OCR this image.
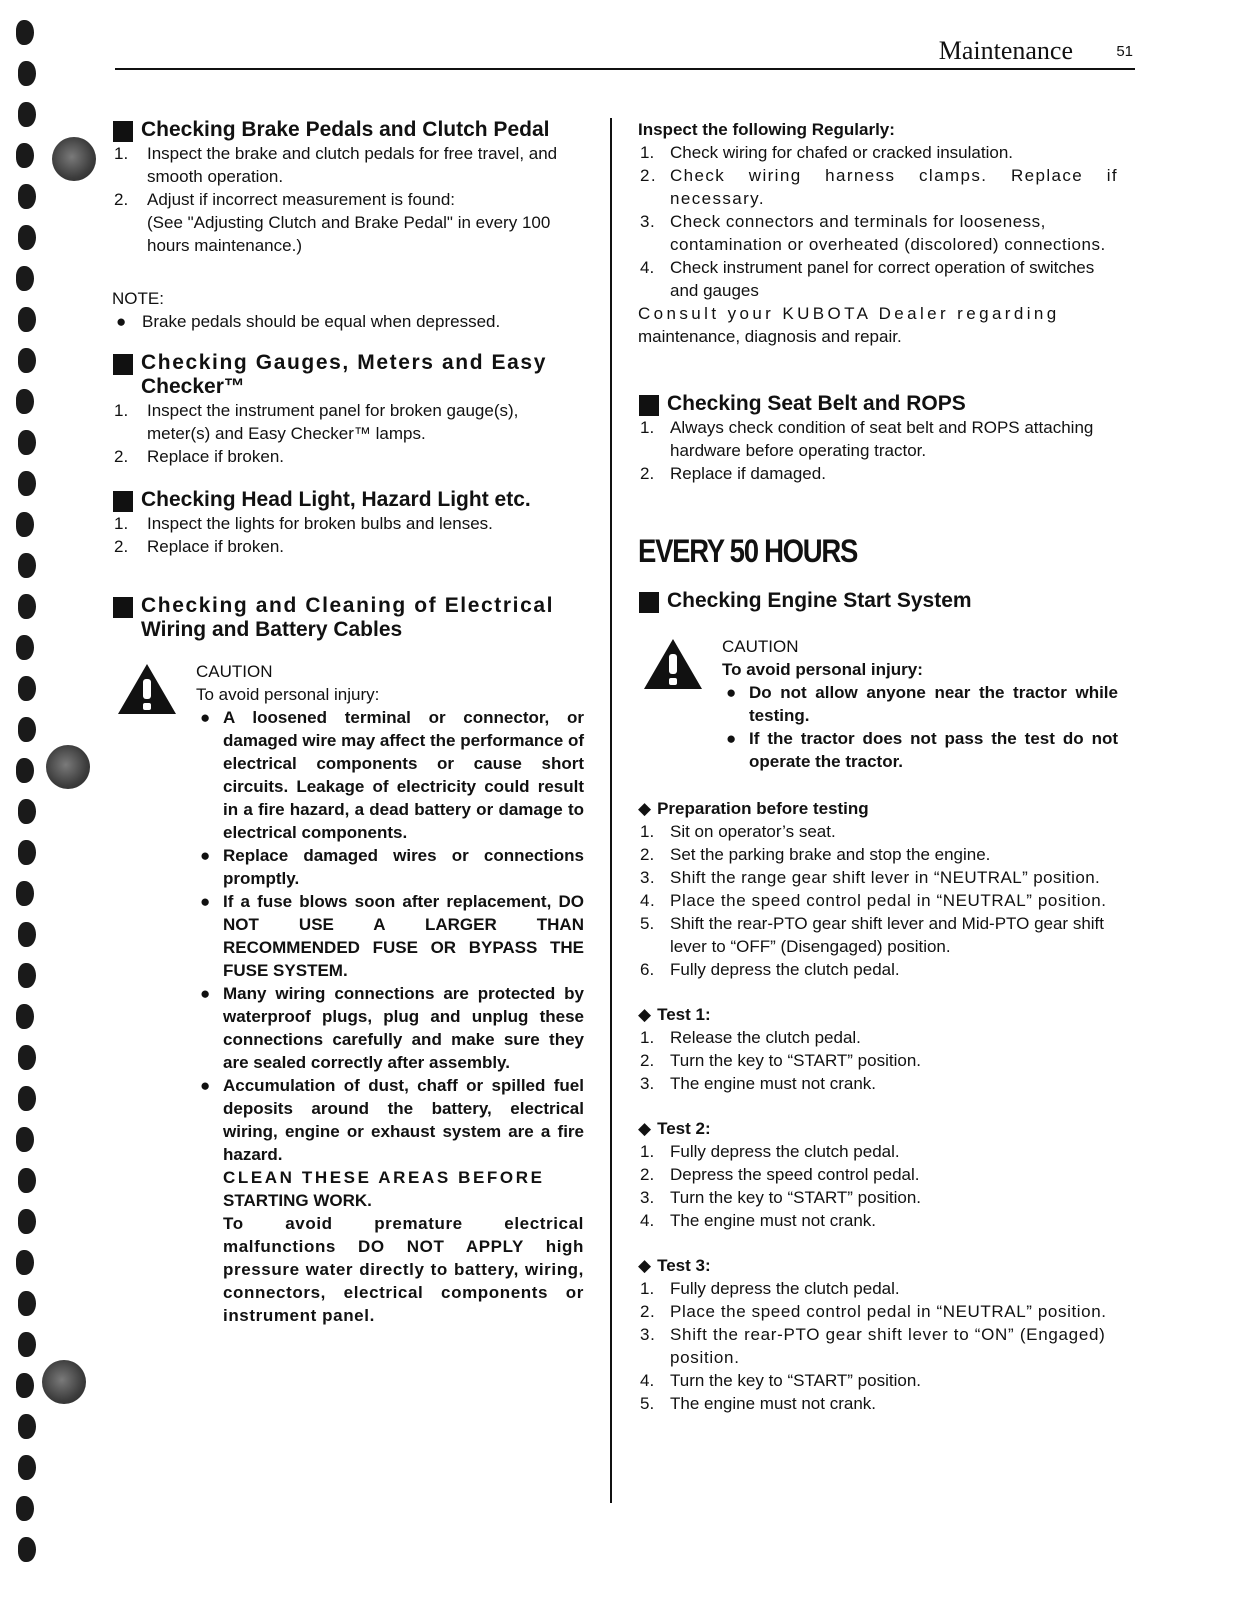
Maintenance	51
Checking Brake Pedals and Clutch Pedal
1. Inspect the brake and clutch pedals for free travel, and smooth operation.
2. Adjust if incorrect measurement is found:
(See "Adjusting Clutch and Brake Pedal" in every 100 hours maintenance.)
NOTE:
● Brake pedals should be equal when depressed.
Checking Gauges, Meters and Easy
Checker™
1. Inspect the instrument panel for broken gauge(s), meter(s) and Easy Checker™ lamps.
2. Replace if broken.
Checking Head Light, Hazard Light etc.
1. Inspect the lights for broken bulbs and lenses.
2. Replace if broken.
Checking and Cleaning of Electrical
Wiring and Battery Cables
CAUTION
To avoid personal injury:
● A loosened terminal or connector, or damaged wire may affect the performance of electrical components or cause short circuits. Leakage of electricity could result in a fire hazard, a dead battery or damage to electrical components.
● Replace damaged wires or connections promptly.
● If a fuse blows soon after replacement, DO NOT USE A LARGER THAN RECOMMENDED FUSE OR BYPASS THE FUSE SYSTEM.
● Many wiring connections are protected by waterproof plugs, plug and unplug these connections carefully and make sure they are sealed correctly after assembly.
● Accumulation of dust, chaff or spilled fuel deposits around the battery, electrical wiring, engine or exhaust system are a fire hazard.
CLEAN THESE AREAS BEFORE
STARTING WORK.
To avoid premature electrical malfunctions DO NOT APPLY high pressure water directly to battery, wiring, connectors, electrical components or instrument panel.
Inspect the following Regularly:
1. Check wiring for chafed or cracked insulation.
2. Check wiring harness clamps. Replace if necessary.
3. Check connectors and terminals for looseness, contamination or overheated (discolored) connections.
4. Check instrument panel for correct operation of switches and gauges
Consult your KUBOTA Dealer regarding
maintenance, diagnosis and repair.
Checking Seat Belt and ROPS
1. Always check condition of seat belt and ROPS attaching hardware before operating tractor.
2. Replace if damaged.
EVERY 50 HOURS
Checking Engine Start System
CAUTION
To avoid personal injury:
● Do not allow anyone near the tractor while testing.
● If the tractor does not pass the test do not operate the tractor.
◆ Preparation before testing
1. Sit on operator’s seat.
2. Set the parking brake and stop the engine.
3. Shift the range gear shift lever in “NEUTRAL” position.
4. Place the speed control pedal in “NEUTRAL” position.
5. Shift the rear-PTO gear shift lever and Mid-PTO gear shift lever to “OFF” (Disengaged) position.
6. Fully depress the clutch pedal.
◆ Test 1:
1. Release the clutch pedal.
2. Turn the key to “START” position.
3. The engine must not crank.
◆ Test 2:
1. Fully depress the clutch pedal.
2. Depress the speed control pedal.
3. Turn the key to “START” position.
4. The engine must not crank.
◆ Test 3:
1. Fully depress the clutch pedal.
2. Place the speed control pedal in “NEUTRAL” position.
3. Shift the rear-PTO gear shift lever to “ON” (Engaged) position.
4. Turn the key to “START” position.
5. The engine must not crank.
